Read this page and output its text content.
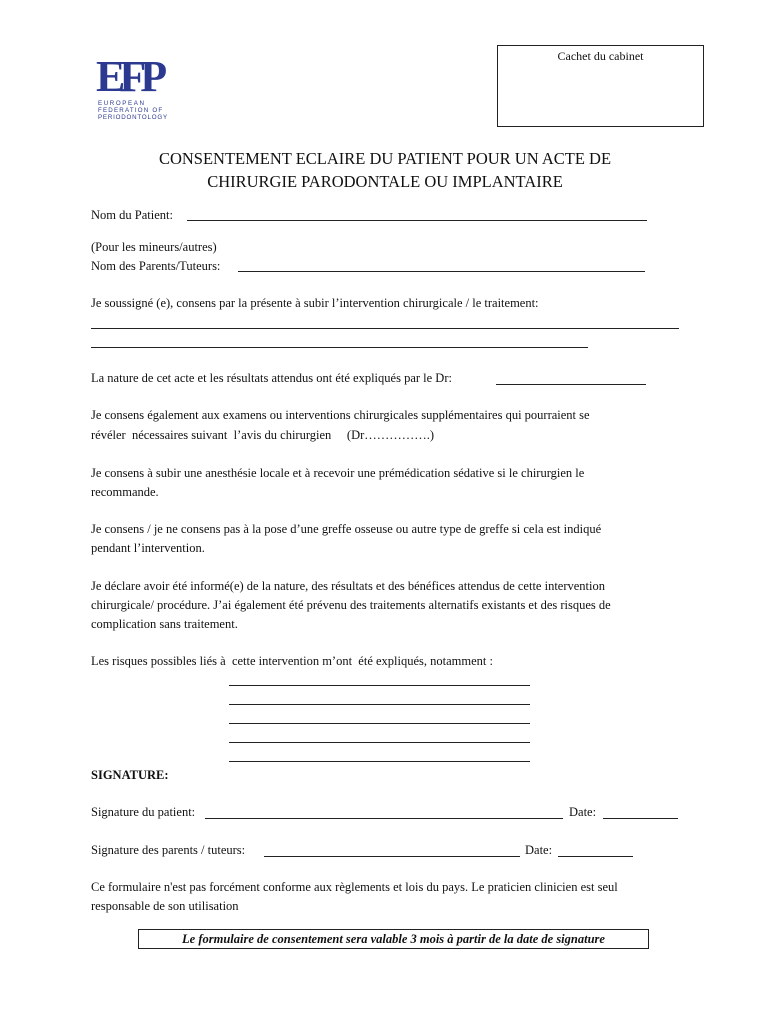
EFP
EUROPEAN
FEDERATION OF
PERIODONTOLOGY
Cachet du cabinet
CONSENTEMENT ECLAIRE DU PATIENT POUR UN ACTE DE
CHIRURGIE PARODONTALE OU IMPLANTAIRE
Nom du Patient:
(Pour les mineurs/autres)
Nom des Parents/Tuteurs:
Je soussigné (e), consens par la présente à subir l’intervention chirurgicale / le traitement:
La nature de cet acte et les résultats attendus ont été expliqués par le Dr:
Je consens également aux examens ou interventions chirurgicales supplémentaires qui pourraient se
révéler  nécessaires suivant  l’avis du chirurgien     (Dr…………….)
Je consens à subir une anesthésie locale et à recevoir une prémédication sédative si le chirurgien le
recommande.
Je consens / je ne consens pas à la pose d’une greffe osseuse ou autre type de greffe si cela est indiqué
pendant l’intervention.
Je déclare avoir été informé(e) de la nature, des résultats et des bénéfices attendus de cette intervention
chirurgicale/ procédure. J’ai également été prévenu des traitements alternatifs existants et des risques de
complication sans traitement.
Les risques possibles liés à  cette intervention m’ont  été expliqués, notamment :
SIGNATURE:
Signature du patient:	Date:
Signature des parents / tuteurs:	Date:
Ce formulaire n'est pas forcément conforme aux règlements et lois du pays. Le praticien clinicien est seul
responsable de son utilisation
Le formulaire de consentement sera valable 3 mois à partir de la date de signature
